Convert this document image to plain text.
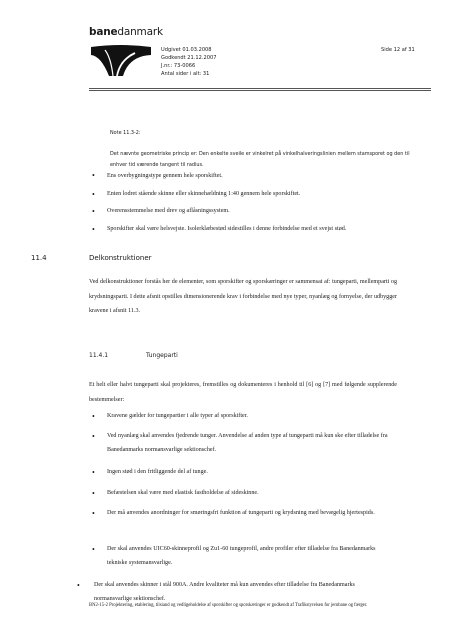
banedanmark
Udgivet 01.03.2008
Godkendt 21.12.2007
J.nr.: 73-0066
Antal sider i alt: 31
Side 12 af 31
Note 11.3-2:
Det nævnte geometriske princip er: Den enkelte sveile er vinkelret på vinkelhalveringslinien mellem stamsporet og den til enhver tid værende tangent til radius.
• Ens overbygningstype gennem hele sporskiftet.
• Enten lodret stående skinne eller skinnehældning 1:40 gennem hele sporskiftet.
• Overensstemmelse med drev og aflåsningssystem.
• Sporskifter skal være helsvejste. Isolerklæbestød sidestilles i denne forbindelse med et svejst stød.
11.4	Delkonstruktioner
Ved delkonstruktioner forstås her de elementer, som sporskifter og sporskæringer er sammensat af: tungeparti, mellemparti og krydsningsparti. I dette afsnit opstilles dimensionerende krav i forbindelse med nye typer, nyanlæg og fornyelse, der udbygger kravene i afsnit 11.3.
11.4.1	Tungeparti
Et helt eller halvt tungeparti skal projekteres, fremstilles og dokumenteres i henhold til [6] og [7] med følgende supplerende bestemmelser:
• Kravene gælder for tungepartier i alle typer af sporskifter.
• Ved nyanlæg skal anvendes fjedrende tunger. Anvendelse af anden type af tungeparti må kun ske efter tilladelse fra Banedanmarks normansvarlige sektionschef.
• Ingen stød i den fritliggende del af tunge.
• Befæstelsen skal være med elastisk fastholdelse af sideskinne.
• Der må anvendes anordninger for smøringsfri funktion af tungeparti og krydsning med bevægelig hjertespids.
• Der skal anvendes UIC60-skinneprofil og Zu1-60 tungeprofil, andre profiler efter tilladelse fra Banedanmarks tekniske systemansvarlige.
• Der skal anvendes skinner i stål 900A. Andre kvaliteter må kun anvendes efter tilladelse fra Banedanmarks normansvarlige sektionschef.
BN2-15-2 Projektering, etablering, tilsiand og vedligeholdelse af sporskifter og sporskæringer er godkendt af Trafikstyrelsen for jernbane og færger.
